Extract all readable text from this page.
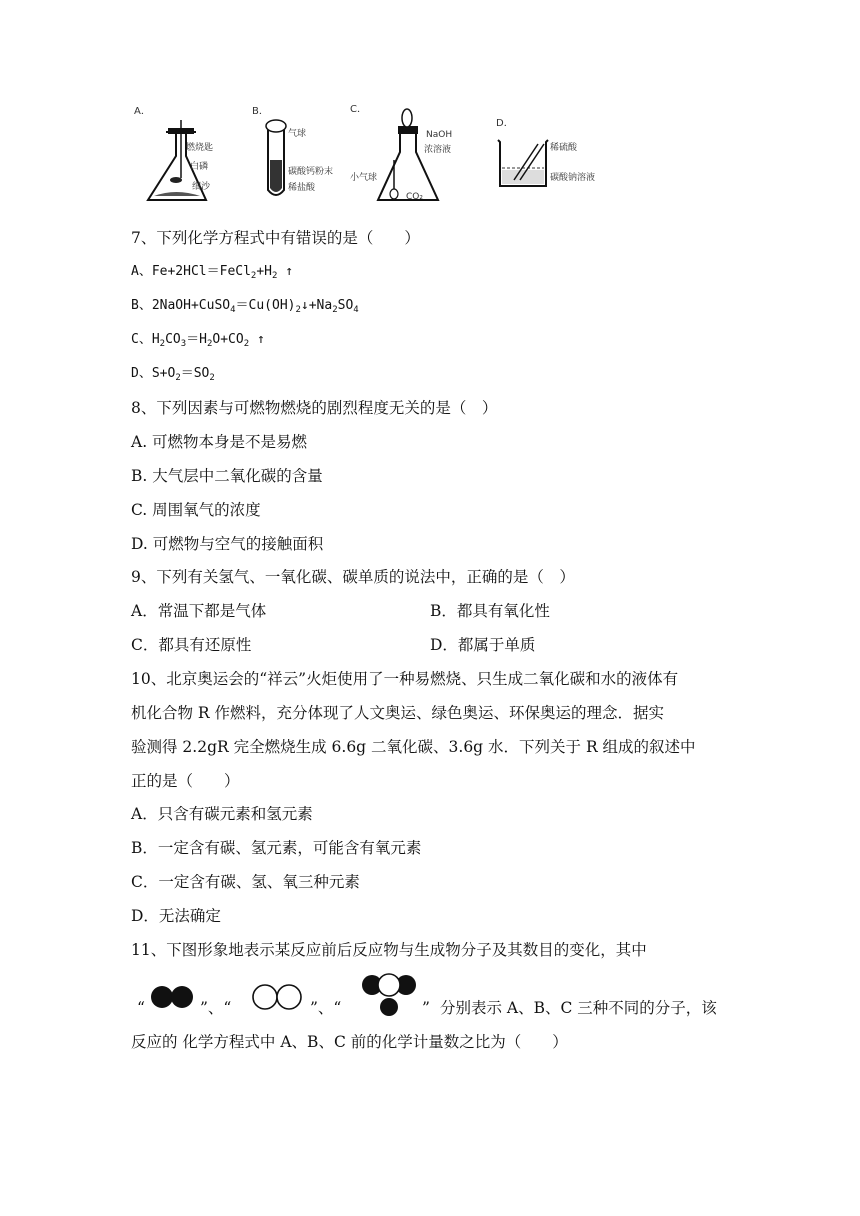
A．
燃烧匙
白磷
细沙
B．
气球
碳酸钙粉末
稀盐酸
C．
NaOH
浓溶液
小气球
CO₂
D．
稀硫酸
碳酸钠溶液
7、下列化学方程式中有错误的是（　　）
A、$Fe+2HCl=FeCl_2+H_2$ ↑
B、$2NaOH+CuSO_4=Cu(OH)_2↓+Na_2SO_4$
C、$H_2CO_3=H_2O+CO_2$ ↑
D、$S+O_2=SO_2$
8、下列因素与可燃物燃烧的剧烈程度无关的是（　）
A. 可燃物本身是不是易燃
B. 大气层中二氧化碳的含量
C. 周围氧气的浓度
D. 可燃物与空气的接触面积
9、下列有关氢气、一氧化碳、碳单质的说法中，正确的是（　）
A．常温下都是气体	B．都具有氧化性
C．都具有还原性	D．都属于单质
10、北京奥运会的“祥云”火炬使用了一种易燃烧、只生成二氧化碳和水的液体有
机化合物 R 作燃料，充分体现了人文奥运、绿色奥运、环保奥运的理念．据实
验测得 2.2gR 完全燃烧生成 6.6g 二氧化碳、3.6g 水．下列关于 R 组成的叙述中
正的是（　　）
A．只含有碳元素和氢元素
B．一定含有碳、氢元素，可能含有氧元素
C．一定含有碳、氢、氧三种元素
D．无法确定
11、下图形象地表示某反应前后反应物与生成物分子及其数目的变化，其中
“	”、“	”、“	” 分别表示 A、B、C 三种不同的分子，该
反应的 化学方程式中 A、B、C 前的化学计量数之比为（　　）
